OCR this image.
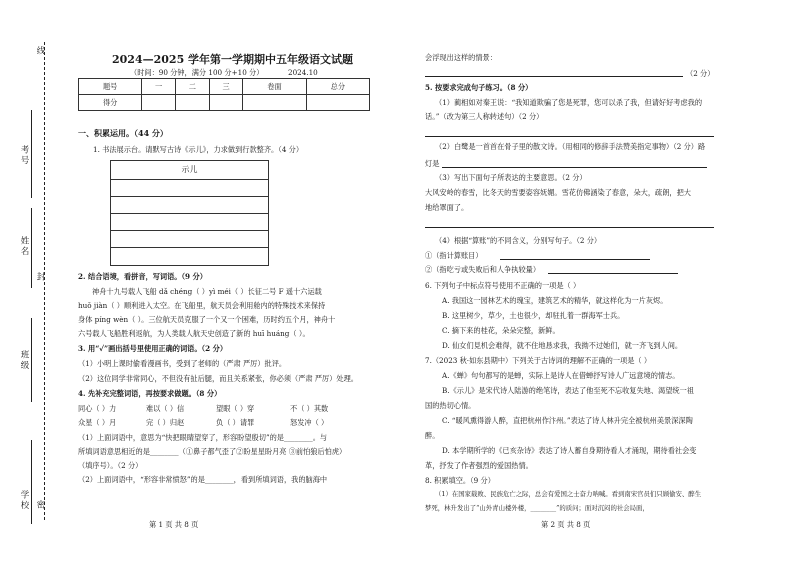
线
考号
姓名
封
班级
学校 密
2024—2025 学年第一学期期中五年级语文试题
（时间：90 分钟，满分 100 分+10 分）	2024.10
题号	一	二	三	卷面	总分
得分					
一、积累运用。（44 分）
1. 书法展示台。请默写古诗《示儿》，力求做到行款整齐。（4 分）
示儿
2. 结合语境，看拼音，写词语。（9 分）
神舟十九号载人飞船 dǎ chéng（ ）yì méi（ ）长征二号 F 遥十六运载
huǒ jiàn（ ）順利进入太空。在飞船里，航天员会利用舱内的特殊技术来保持
身体 píng wèn（ ）。三位航天员克服了一个又一个困难，历时约五个月，神舟十
六号载人飞船胜利返航，为人类载人航天史创造了新的 huī huáng（ ）。
3. 用“✓”画出括号里使用正确的词语。（2 分）
（1）小明上课时偷看漫画书，受到了老师的（严肃 严厉）批评。
（2）这位同学非常同心，不但没有扯后腿，而且关系紧张，你必须（严肃 严厉）处理。
4. 先补充完整词语，再按要求做题。（8 分）
同心（ ）力	难以（ ）信	望眼（ ）穿	不（ ）其数
众星（ ）月	完（ ）归赵	负（ ）请罪	怒发冲（ ）
（1）上面词语中，意思为“快把眼睛望穿了，形容盼望殷切”的是________。与
所填词语意思相近的是________（①鼻子都气歪了②盼星星盼月亮 ③前怕狼后怕虎）
（填序号）。（2 分）
（2）上面词语中，“形容非常愤怒”的是________，看到所填词语，我的脑海中
第 1 页 共 8 页
会浮现出这样的情景：
（2 分）
5. 按要求完成句子练习。（8 分）
（1）蔺相如对秦王说：“我知道欺骗了您是死罪，您可以杀了我，但请好好考虑我的
话。”（改为第三人称转述句）（2 分）
（2）白鹭是一首首在骨子里的散文诗。（用相同的修辞手法赞美指定事物）（2 分）路
灯是
（3）写出下面句子所表达的主要意思。（2 分）
大风安岭的春雪，比冬天的雪要姿容妩媚。雪花仿佛涵染了春意，朵大，疏朗，把大
地给罩面了。
（4）根据“算账”的不同含义，分别写句子。（2 分）
①（指计算账目）
②（指吃亏或失败后和人争执较量）
6. 下列句子中标点符号使用不正确的一项是（ ）
A. 我国这一园林艺术的瑰宝，建筑艺术的精华，就这样化为一片灰烬。
B. 这里树少，草少，土也很少，却驻扎着一群海军士兵。
C. 摘下来的桂花，朵朵完整，新鲜。
D. 仙女们見机会难得，就不住地恳求我，我拗不过她们，就一齐飞到人间。
7.（2023 秋·如东县期中）下列关于古诗词的理解不正确的一项是（ ）
A.《蝉》句句都写的是蝉，实际上是诗人在借蝉抒写诗人广远意境的情志。
B.《示儿》是宋代诗人陆游的绝笔诗，表达了他至死不忘收复失地、渴望统一祖
国的热切心情。
C. “暖风熏得游人醉，直把杭州作汴州。”表达了诗人林升完全被杭州美景深深陶
醉。
D. 本学期所学的《已亥杂诗》表达了诗人蓄自身期待看人才涌现，期待看社会变
革，抒发了作者强烈的爱国热情。
8. 积累填空。（9 分）
（1）在国家载败、民族危亡之际，总会有爱国之士奋力呐喊。看到南宋官员们只顾偷安、醉生
梦死，林升发出了“山外青山楼外楼，________”的质问；面对沉闷的社会局面，
第 2 页 共 8 页
